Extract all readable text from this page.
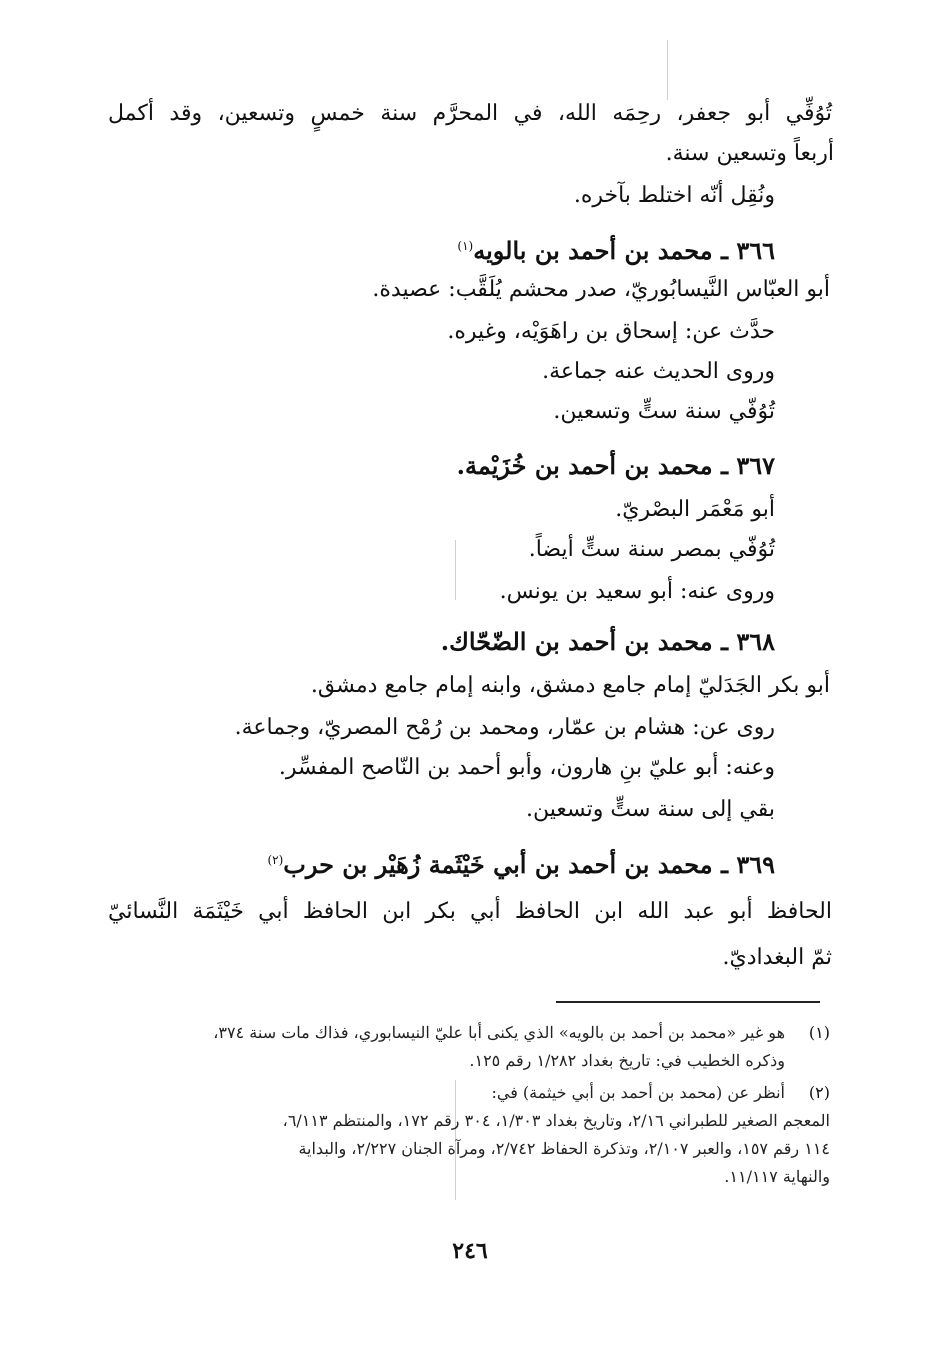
تُوُفِّي أبو جعفر، رحِمَه الله، في المحرَّم سنة خمسٍ وتسعين، وقد أكمل
أربعاً وتسعين سنة.
ونُقِل أنّه اختلط بآخره.
٣٦٦ ـ محمد بن أحمد بن بالويه$^{(١)}$
أبو العبّاس النَّيسابُوريّ، صدر محشم يُلَقَّب: عصيدة.
حدَّث عن: إسحاق بن راهَوَيْه، وغيره.
وروى الحديث عنه جماعة.
تُوُفّي سنة ستٍّ وتسعين.
٣٦٧ ـ محمد بن أحمد بن خُزَيْمة.
أبو مَعْمَر البصْريّ.
تُوُفّي بمصر سنة ستٍّ أيضاً.
وروى عنه: أبو سعيد بن يونس.
٣٦٨ ـ محمد بن أحمد بن الضّحّاك.
أبو بكر الجَدَليّ إمام جامع دمشق، وابنه إمام جامع دمشق.
روى عن: هشام بن عمّار، ومحمد بن رُمْح المصريّ، وجماعة.
وعنه: أبو عليّ بنِ هارون، وأبو أحمد بن النّاصح المفسِّر.
بقي إلى سنة ستٍّ وتسعين.
٣٦٩ ـ محمد بن أحمد بن أبي خَيْثَمة زُهَيْر بن حرب$^{(٢)}$
الحافظ أبو عبد الله ابن الحافظ أبي بكر ابن الحافظ أبي خَيْثَمَة النَّسائيّ
ثمّ البغداديّ.
(١)
هو غير «محمد بن أحمد بن بالويه» الذي يكنى أبا عليّ النيسابوري، فذاك مات سنة ٣٧٤،
وذكره الخطيب في: تاريخ بغداد ١/٢٨٢ رقم ١٢٥.
(٢)
أنظر عن (محمد بن أحمد بن أبي خيثمة) في:
المعجم الصغير للطبراني ٢/١٦، وتاريخ بغداد ١/٣٠٣، ٣٠٤ رقم ١٧٢، والمنتظم ٦/١١٣،
١١٤ رقم ١٥٧، والعبر ٢/١٠٧، وتذكرة الحفاظ ٢/٧٤٢، ومرآة الجنان ٢/٢٢٧، والبداية
والنهاية ١١/١١٧.
٢٤٦
